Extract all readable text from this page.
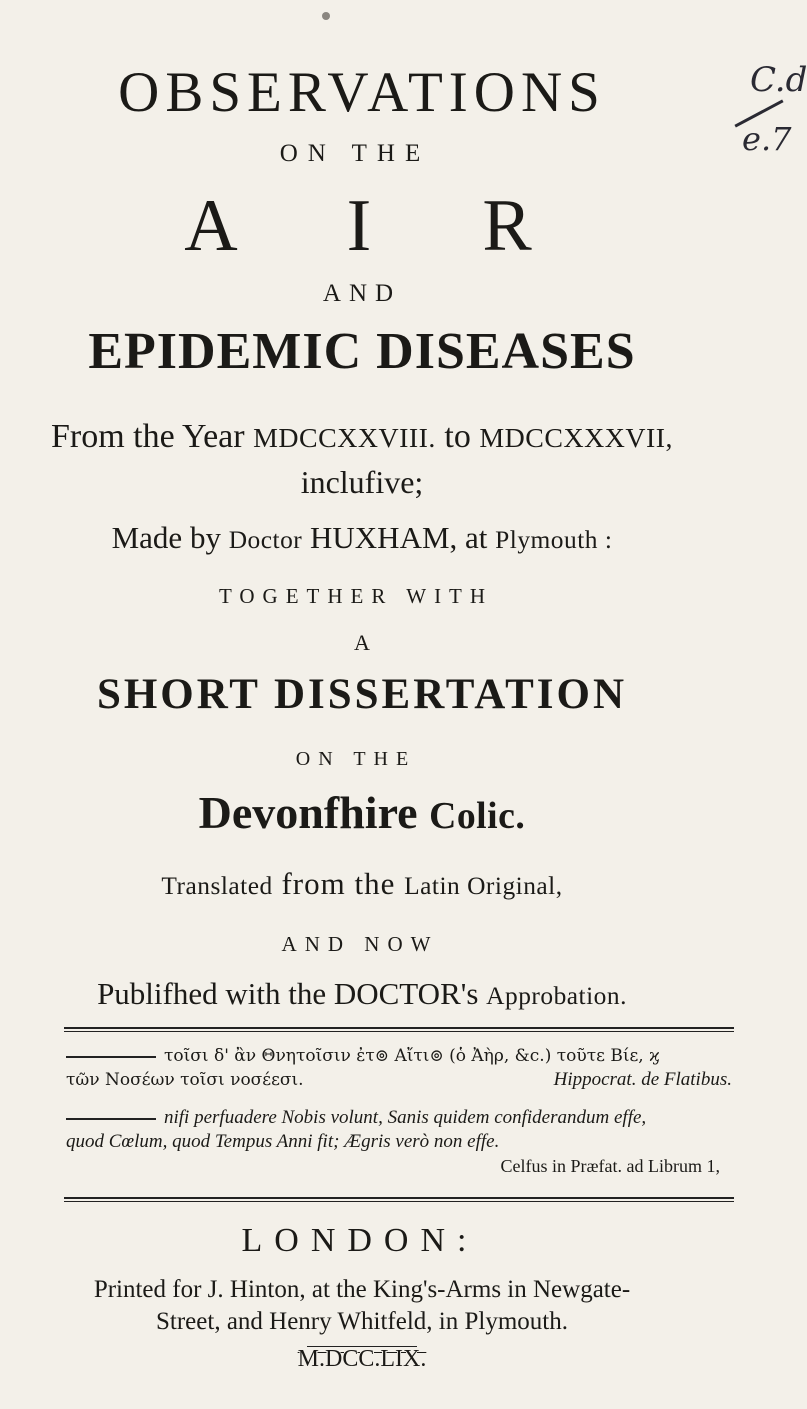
OBSERVATIONS
ON THE
A I R
AND
EPIDEMIC DISEASES
From the Year MDCCXXVIII. to MDCCXXXVII,
inclufive;
Made by Doctor HUXHAM, at Plymouth :
TOGETHER WITH
A
SHORT DISSERTATION
ON THE
Devonfhire Colic.
Translated from the Latin Original,
AND NOW
Publifhed with the DOCTOR's Approbation.
τοῖσι δ' ἂν Θνητοῖσιν ἐτ⊚ Αἴτι⊚ (ὁ Ἀὴρ, &c.) τοῦτε Βίε, ϗ
τῶν Νοσέων τοῖσι νοσέεσι.	Hippocrat. de Flatibus.
nifi perfuadere Nobis volunt, Sanis quidem confiderandum effe,
quod Cœlum, quod Tempus Anni fit; Ægris verò non effe.
Celfus in Præfat. ad Librum 1,
LONDON:
Printed for J. Hinton, at the King's-Arms in Newgate-
Street, and Henry Whitfeld, in Plymouth.
M.DCC.LIX.
C.d
e.7
